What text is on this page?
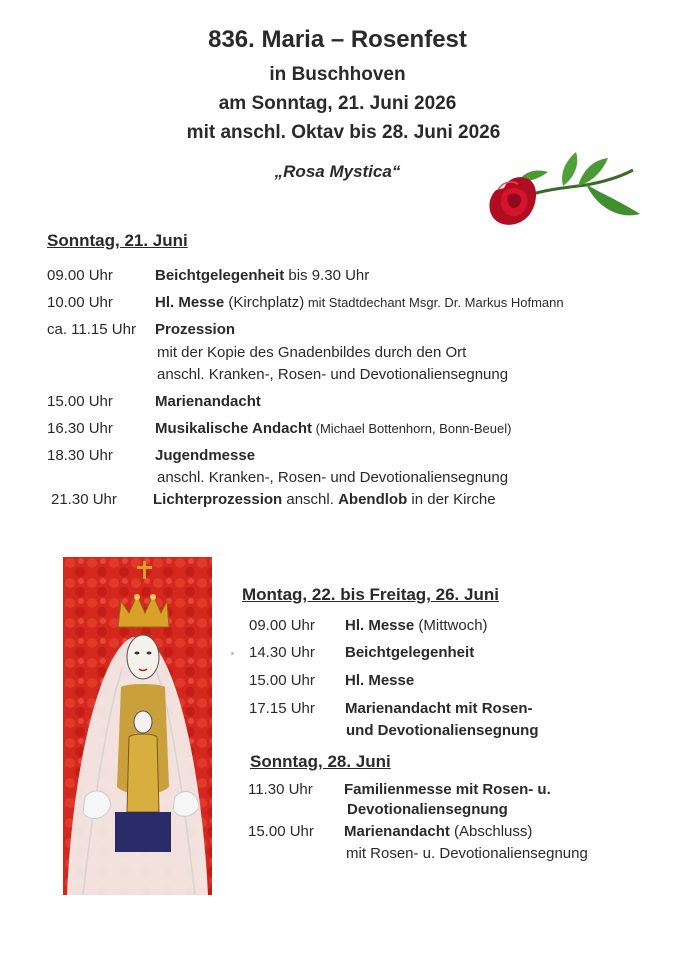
836. Maria – Rosenfest
in Buschhoven
am Sonntag, 21. Juni 2026
mit anschl. Oktav bis 28. Juni 2026
„Rosa Mystica“
Sonntag, 21. Juni
09.00 Uhr	Beichtgelegenheit bis 9.30 Uhr
10.00 Uhr	Hl. Messe (Kirchplatz) mit Stadtdechant Msgr. Dr. Markus Hofmann
ca. 11.15 Uhr Prozession
mit der Kopie des Gnadenbildes durch den Ort
anschl. Kranken-, Rosen- und Devotionaliensegnung
15.00 Uhr	Marienandacht
16.30 Uhr	Musikalische Andacht (Michael Bottenhorn, Bonn-Beuel)
18.30 Uhr	Jugendmesse
anschl. Kranken-, Rosen- und Devotionaliensegnung
21.30 Uhr Lichterprozession anschl. Abendlob in der Kirche
Montag, 22. bis Freitag, 26. Juni
09.00 Uhr Hl. Messe (Mittwoch)
14.30 Uhr Beichtgelegenheit
15.00 Uhr Hl. Messe
17.15 Uhr Marienandacht mit Rosen-
und Devotionaliensegnung
Sonntag, 28. Juni
11.30 Uhr Familienmesse mit Rosen- u.
Devotionaliensegnung
15.00 Uhr Marienandacht (Abschluss)
mit Rosen- u. Devotionaliensegnung
